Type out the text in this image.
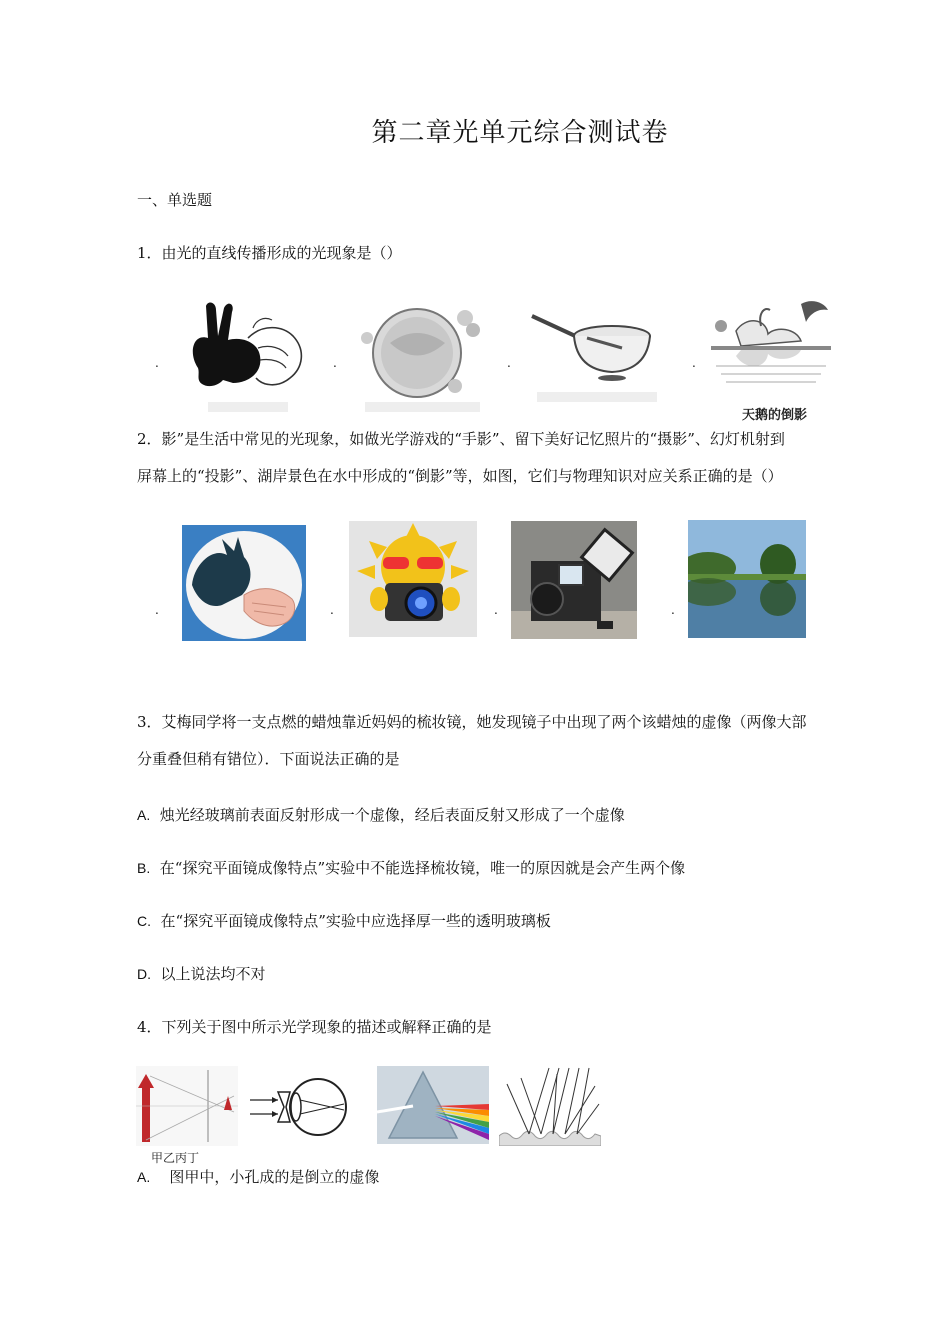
第二章光单元综合测试卷
一、单选题
1．由光的直线传播形成的光现象是（）
.	.	.	.
天鹅的倒影
2．影”是生活中常见的光现象，如做光学游戏的“手影”、留下美好记忆照片的“摄影”、幻灯机射到
屏幕上的“投影”、湖岸景色在水中形成的“倒影”等，如图，它们与物理知识对应关系正确的是（）
.	.	.	.
3．艾梅同学将一支点燃的蜡烛靠近妈妈的梳妆镜，她发现镜子中出现了两个该蜡烛的虚像（两像大部
分重叠但稍有错位）．下面说法正确的是
A. 烛光经玻璃前表面反射形成一个虚像，经后表面反射又形成了一个虚像
B. 在“探究平面镜成像特点”实验中不能选择梳妆镜，唯一的原因就是会产生两个像
C. 在“探究平面镜成像特点”实验中应选择厚一些的透明玻璃板
D. 以上说法均不对
4．下列关于图中所示光学现象的描述或解释正确的是
甲乙丙丁
A. 图甲中，小孔成的是倒立的虚像
